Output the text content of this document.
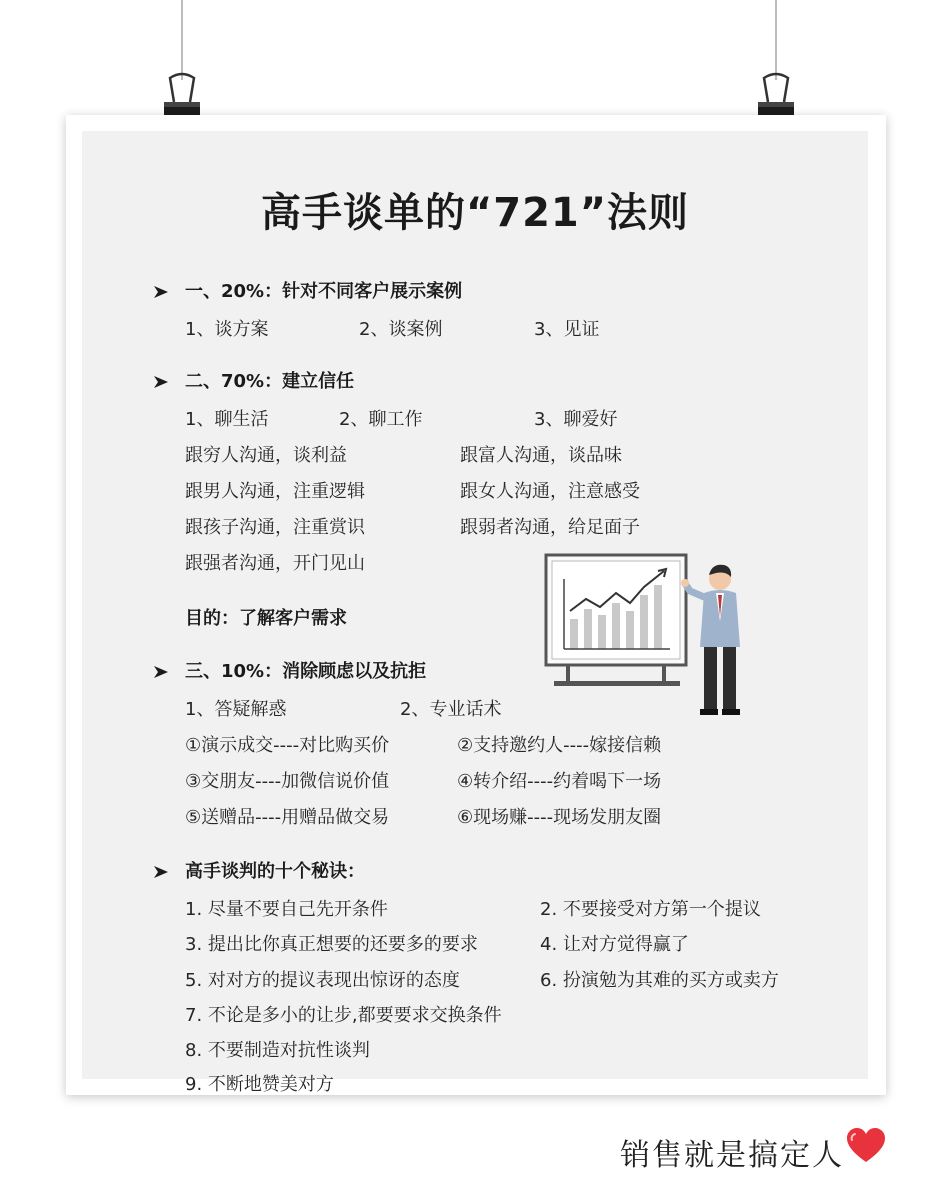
高手谈单的“721”法则
一、20%：针对不同客户展示案例
1、谈方案	2、谈案例	3、见证
二、70%：建立信任
1、聊生活	2、聊工作	3、聊爱好
跟穷人沟通，谈利益	跟富人沟通，谈品味
跟男人沟通，注重逻辑	跟女人沟通，注意感受
跟孩子沟通，注重赏识	跟弱者沟通，给足面子
跟强者沟通，开门见山
目的：了解客户需求
三、10%：消除顾虑以及抗拒
1、答疑解惑	2、专业话术
①演示成交----对比购买价	②支持邀约人----嫁接信赖
③交朋友----加微信说价值	④转介绍----约着喝下一场
⑤送赠品----用赠品做交易	⑥现场赚----现场发朋友圈
高手谈判的十个秘诀：
1. 尽量不要自己先开条件	2. 不要接受对方第一个提议
3. 提出比你真正想要的还要多的要求	4. 让对方觉得赢了
5. 对对方的提议表现出惊讶的态度	6. 扮演勉为其难的买方或卖方
7. 不论是多小的让步,都要要求交换条件
8. 不要制造对抗性谈判
9. 不断地赞美对方
销售就是搞定人
